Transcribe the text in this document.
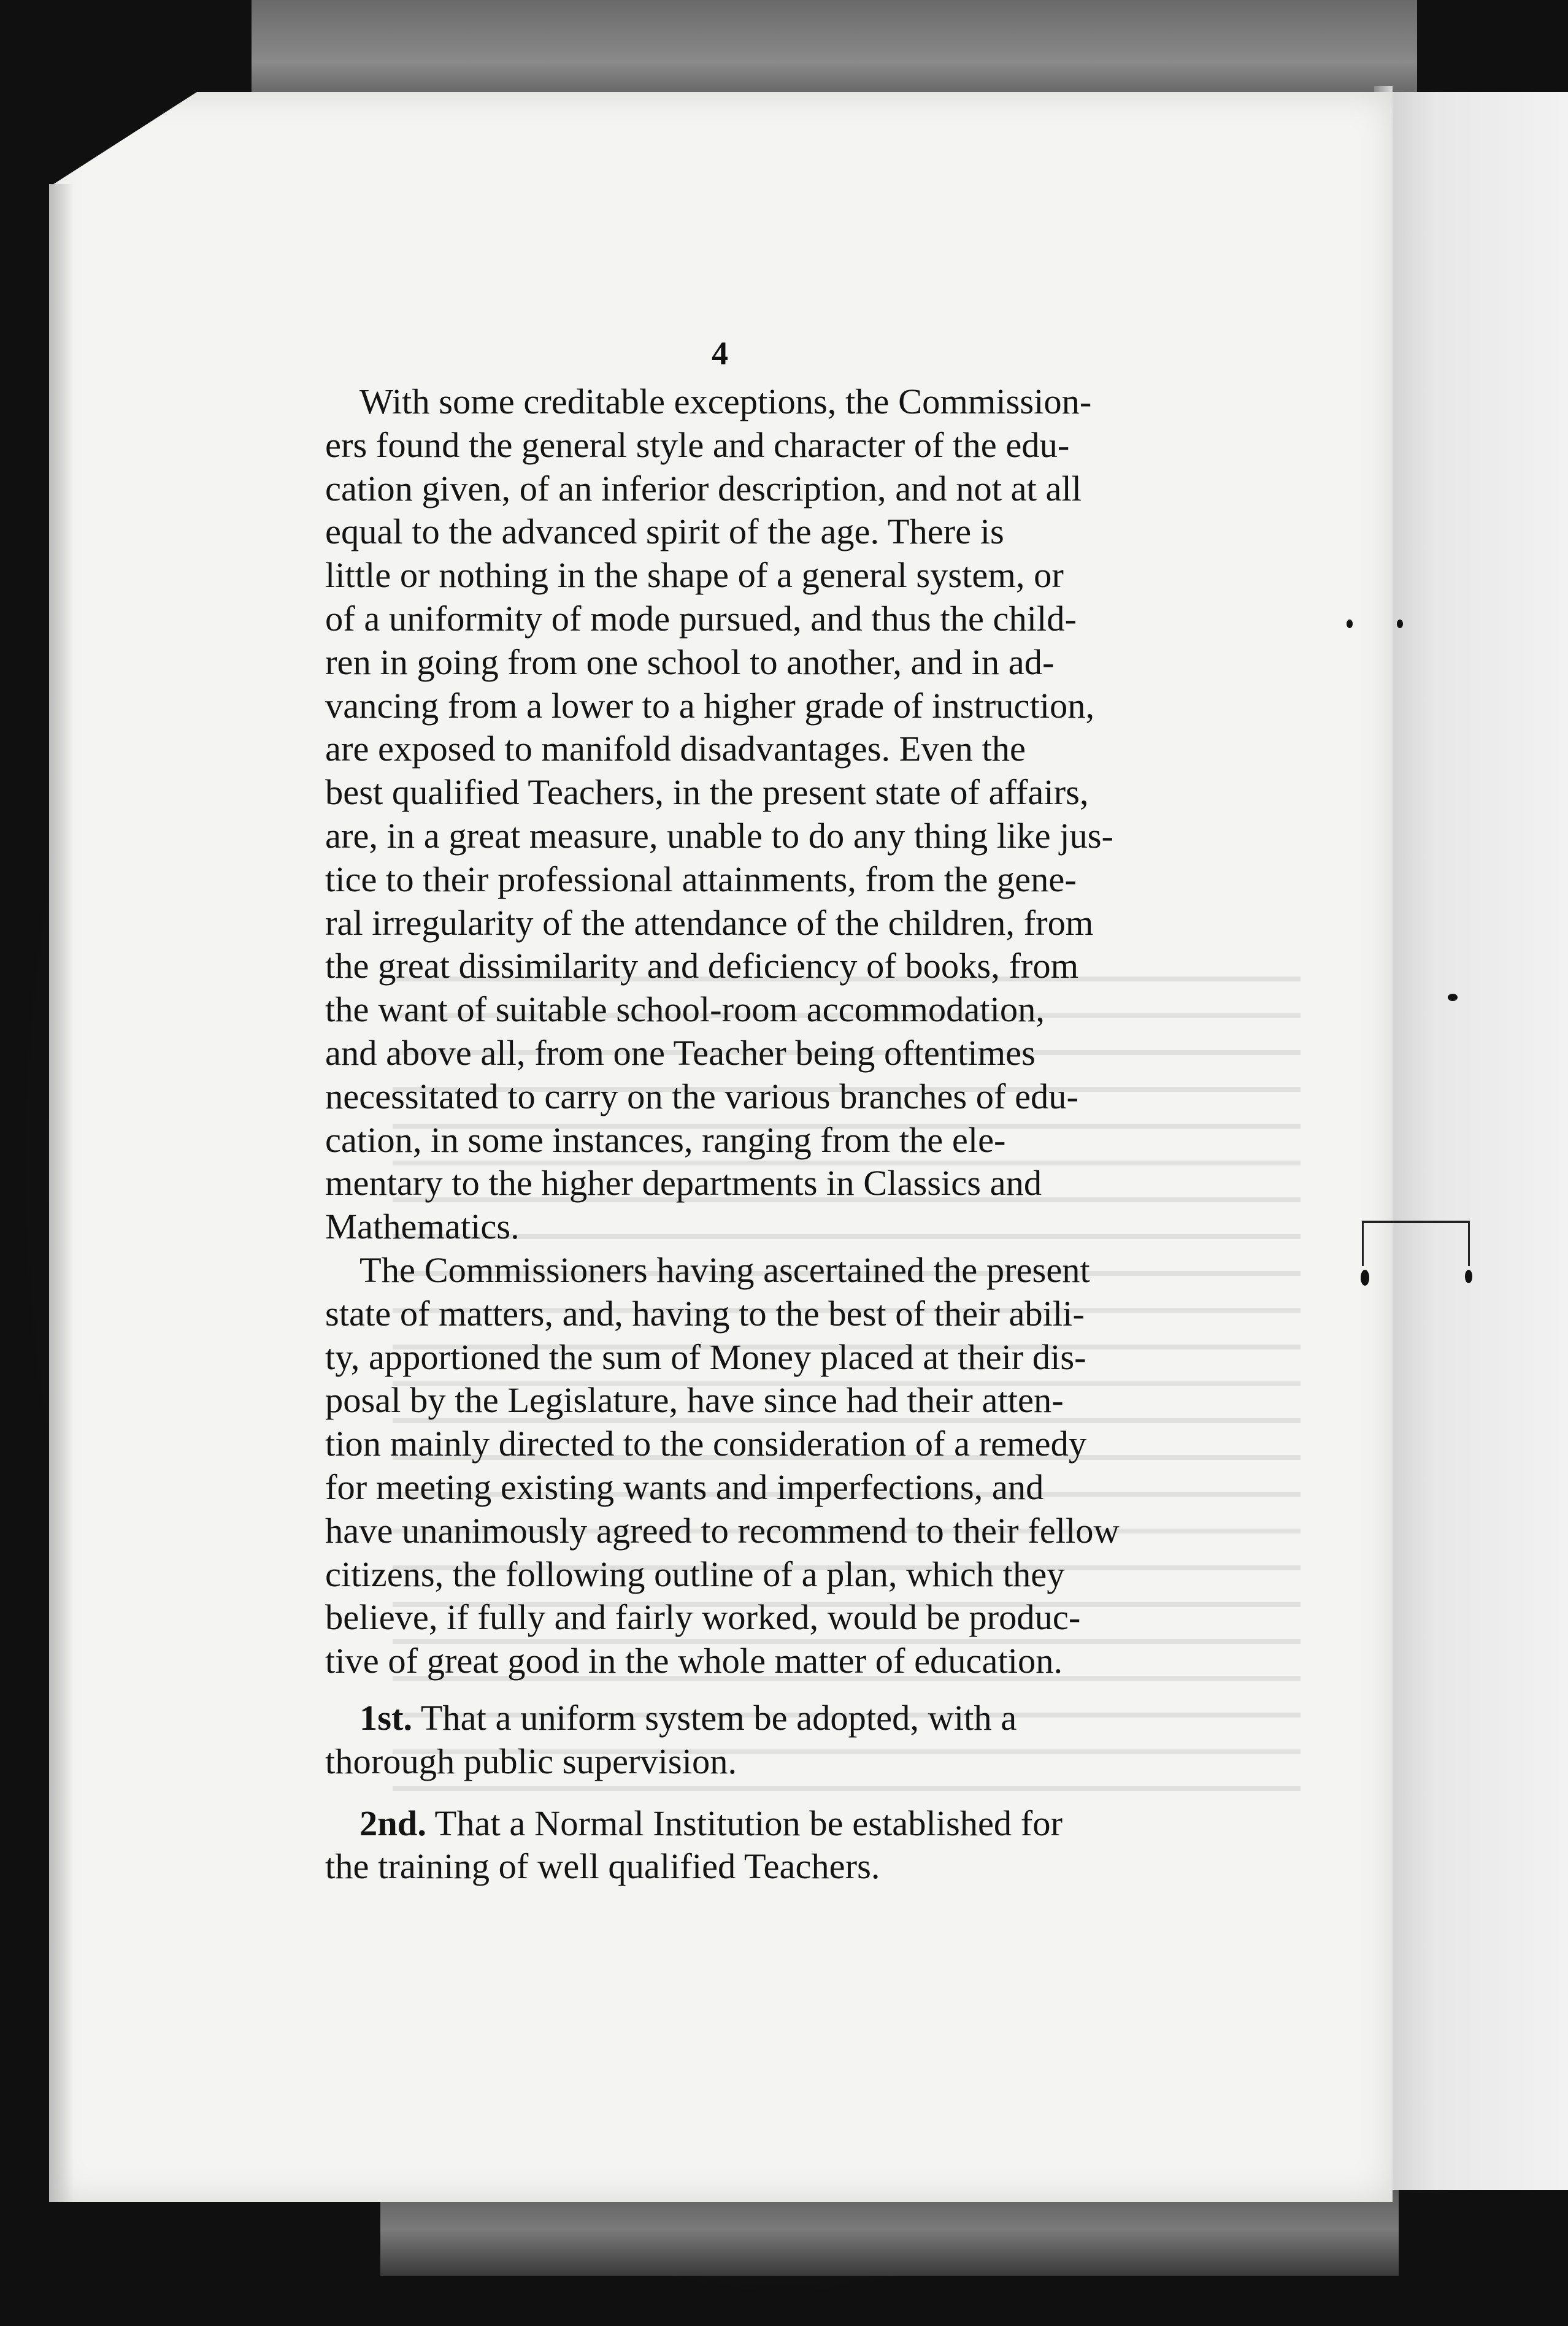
4
With some creditable exceptions, the Commission-
ers found the general style and character of the edu-
cation given, of an inferior description, and not at all
equal to the advanced spirit of the age. There is
little or nothing in the shape of a general system, or
of a uniformity of mode pursued, and thus the child-
ren in going from one school to another, and in ad-
vancing from a lower to a higher grade of instruction,
are exposed to manifold disadvantages. Even the
best qualified Teachers, in the present state of affairs,
are, in a great measure, unable to do any thing like jus-
tice to their professional attainments, from the gene-
ral irregularity of the attendance of the children, from
the great dissimilarity and deficiency of books, from
the want of suitable school-room accommodation,
and above all, from one Teacher being oftentimes
necessitated to carry on the various branches of edu-
cation, in some instances, ranging from the ele-
mentary to the higher departments in Classics and
Mathematics.
The Commissioners having ascertained the present
state of matters, and, having to the best of their abili-
ty, apportioned the sum of Money placed at their dis-
posal by the Legislature, have since had their atten-
tion mainly directed to the consideration of a remedy
for meeting existing wants and imperfections, and
have unanimously agreed to recommend to their fellow
citizens, the following outline of a plan, which they
believe, if fully and fairly worked, would be produc-
tive of great good in the whole matter of education.
1st. That a uniform system be adopted, with a
thorough public supervision.
2nd. That a Normal Institution be established for
the training of well qualified Teachers.
